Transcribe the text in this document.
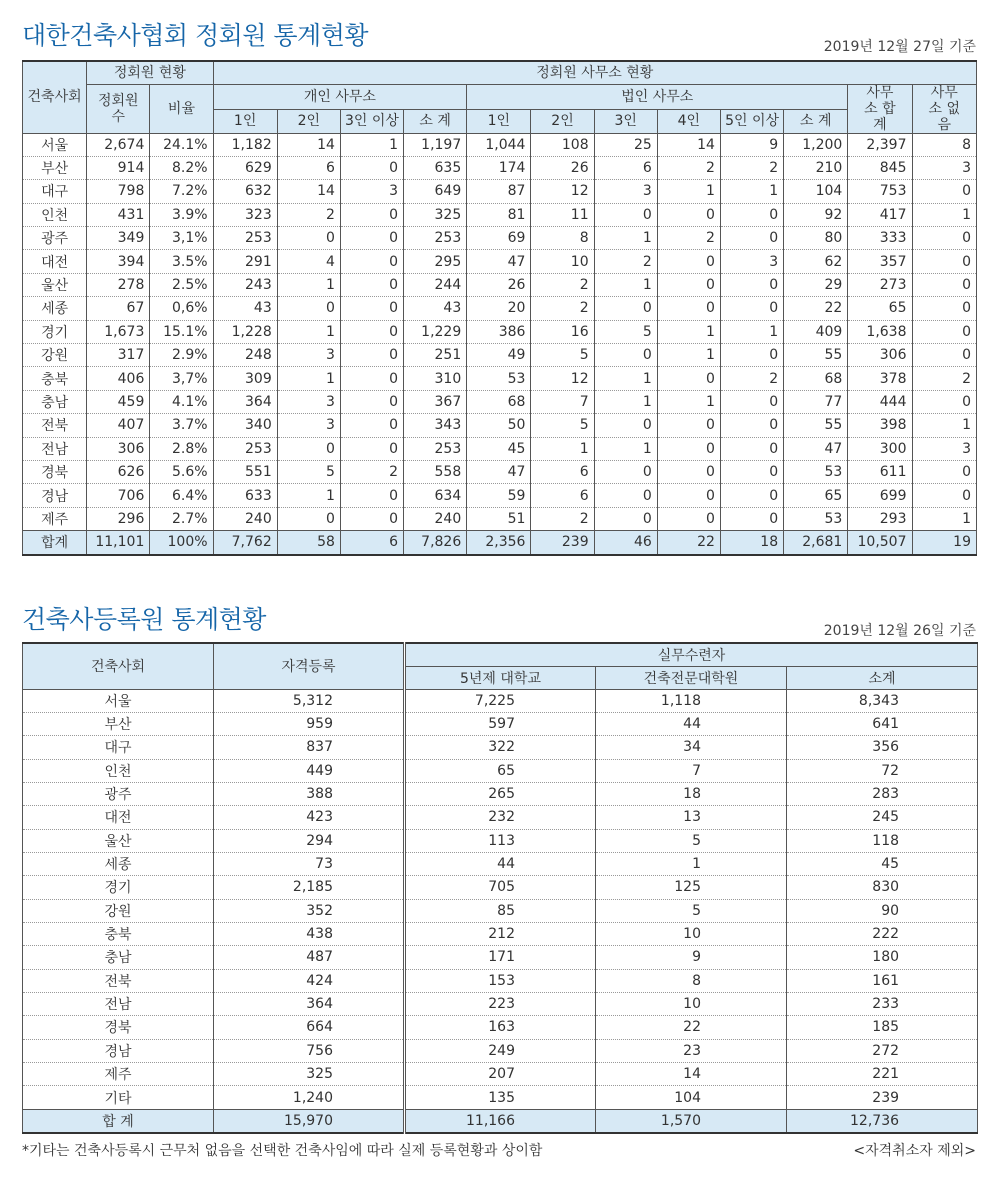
대한건축사협회 정회원 통계현황	2019년 12월 27일 기준
건축사회	정회원 현황		정회원 사무소 현황											
	정회원 수	비율	개인 사무소				법인 사무소						사무소 합계	사무소 없음
			1인	2인	3인 이상	소 계	1인	2인	3인	4인	5인 이상	소 계		
서울	2,674	24.1%	1,182	14	1	1,197	1,044	108	25	14	9	1,200	2,397	8
부산	914	8.2%	629	6	0	635	174	26	6	2	2	210	845	3
대구	798	7.2%	632	14	3	649	87	12	3	1	1	104	753	0
인천	431	3.9%	323	2	0	325	81	11	0	0	0	92	417	1
광주	349	3,1%	253	0	0	253	69	8	1	2	0	80	333	0
대전	394	3.5%	291	4	0	295	47	10	2	0	3	62	357	0
울산	278	2.5%	243	1	0	244	26	2	1	0	0	29	273	0
세종	67	0,6%	43	0	0	43	20	2	0	0	0	22	65	0
경기	1,673	15.1%	1,228	1	0	1,229	386	16	5	1	1	409	1,638	0
강원	317	2.9%	248	3	0	251	49	5	0	1	0	55	306	0
충북	406	3,7%	309	1	0	310	53	12	1	0	2	68	378	2
충남	459	4.1%	364	3	0	367	68	7	1	1	0	77	444	0
전북	407	3.7%	340	3	0	343	50	5	0	0	0	55	398	1
전남	306	2.8%	253	0	0	253	45	1	1	0	0	47	300	3
경북	626	5.6%	551	5	2	558	47	6	0	0	0	53	611	0
경남	706	6.4%	633	1	0	634	59	6	0	0	0	65	699	0
제주	296	2.7%	240	0	0	240	51	2	0	0	0	53	293	1
합계	11,101	100%	7,762	58	6	7,826	2,356	239	46	22	18	2,681	10,507	19
건축사등록원 통계현황	2019년 12월 26일 기준
건축사회	자격등록	실무수련자		
		5년제 대학교	건축전문대학원	소계
서울	5,312	7,225	1,118	8,343
부산	959	597	44	641
대구	837	322	34	356
인천	449	65	7	72
광주	388	265	18	283
대전	423	232	13	245
울산	294	113	5	118
세종	73	44	1	45
경기	2,185	705	125	830
강원	352	85	5	90
충북	438	212	10	222
충남	487	171	9	180
전북	424	153	8	161
전남	364	223	10	233
경북	664	163	22	185
경남	756	249	23	272
제주	325	207	14	221
기타	1,240	135	104	239
합 계	15,970	11,166	1,570	12,736
*기타는 건축사등록시 근무처 없음을 선택한 건축사임에 따라 실제 등록현황과 상이함	<자격취소자 제외>
